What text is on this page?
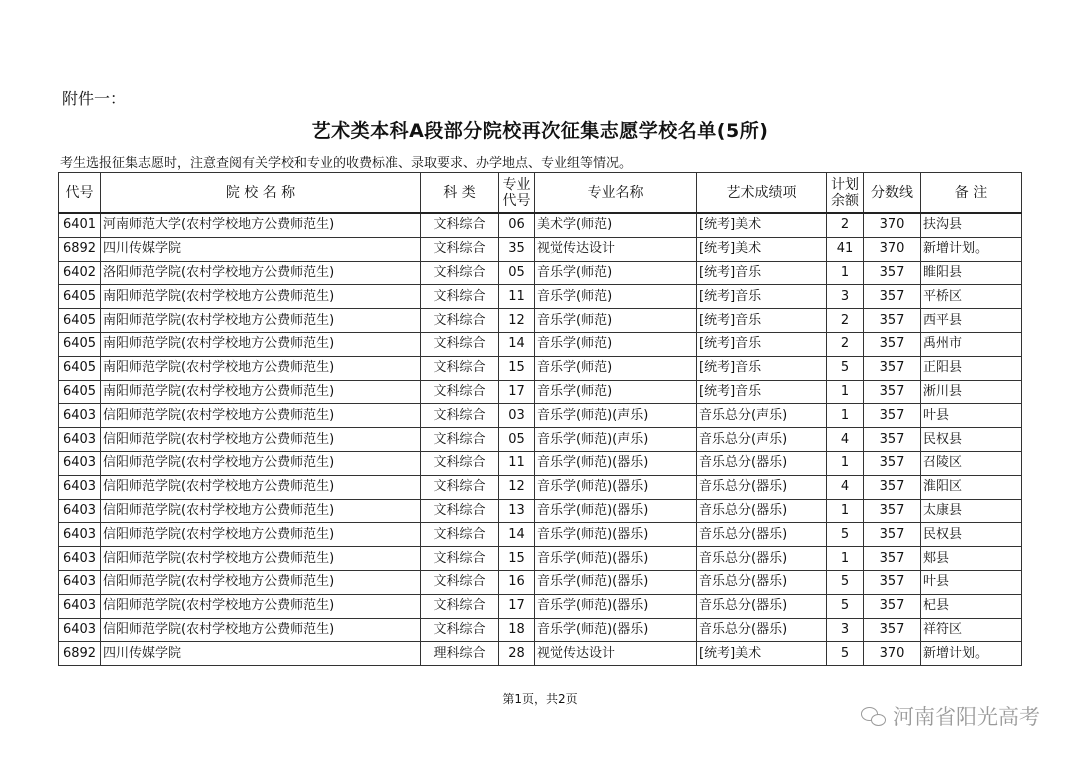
附件一：
艺术类本科A段部分院校再次征集志愿学校名单(5所)
考生选报征集志愿时，注意查阅有关学校和专业的收费标准、录取要求、办学地点、专业组等情况。
代号	院 校 名 称	科 类	专业代号	专业名称	艺术成绩项	计划余额	分数线	备 注
6401	河南师范大学(农村学校地方公费师范生)	文科综合	06	美术学(师范)	[统考]美术	2	370	扶沟县
6892	四川传媒学院	文科综合	35	视觉传达设计	[统考]美术	41	370	新增计划。
6402	洛阳师范学院(农村学校地方公费师范生)	文科综合	05	音乐学(师范)	[统考]音乐	1	357	睢阳县
6405	南阳师范学院(农村学校地方公费师范生)	文科综合	11	音乐学(师范)	[统考]音乐	3	357	平桥区
6405	南阳师范学院(农村学校地方公费师范生)	文科综合	12	音乐学(师范)	[统考]音乐	2	357	西平县
6405	南阳师范学院(农村学校地方公费师范生)	文科综合	14	音乐学(师范)	[统考]音乐	2	357	禹州市
6405	南阳师范学院(农村学校地方公费师范生)	文科综合	15	音乐学(师范)	[统考]音乐	5	357	正阳县
6405	南阳师范学院(农村学校地方公费师范生)	文科综合	17	音乐学(师范)	[统考]音乐	1	357	淅川县
6403	信阳师范学院(农村学校地方公费师范生)	文科综合	03	音乐学(师范)(声乐)	音乐总分(声乐)	1	357	叶县
6403	信阳师范学院(农村学校地方公费师范生)	文科综合	05	音乐学(师范)(声乐)	音乐总分(声乐)	4	357	民权县
6403	信阳师范学院(农村学校地方公费师范生)	文科综合	11	音乐学(师范)(器乐)	音乐总分(器乐)	1	357	召陵区
6403	信阳师范学院(农村学校地方公费师范生)	文科综合	12	音乐学(师范)(器乐)	音乐总分(器乐)	4	357	淮阳区
6403	信阳师范学院(农村学校地方公费师范生)	文科综合	13	音乐学(师范)(器乐)	音乐总分(器乐)	1	357	太康县
6403	信阳师范学院(农村学校地方公费师范生)	文科综合	14	音乐学(师范)(器乐)	音乐总分(器乐)	5	357	民权县
6403	信阳师范学院(农村学校地方公费师范生)	文科综合	15	音乐学(师范)(器乐)	音乐总分(器乐)	1	357	郏县
6403	信阳师范学院(农村学校地方公费师范生)	文科综合	16	音乐学(师范)(器乐)	音乐总分(器乐)	5	357	叶县
6403	信阳师范学院(农村学校地方公费师范生)	文科综合	17	音乐学(师范)(器乐)	音乐总分(器乐)	5	357	杞县
6403	信阳师范学院(农村学校地方公费师范生)	文科综合	18	音乐学(师范)(器乐)	音乐总分(器乐)	3	357	祥符区
6892	四川传媒学院	理科综合	28	视觉传达设计	[统考]美术	5	370	新增计划。
第1页，共2页
河南省阳光高考
